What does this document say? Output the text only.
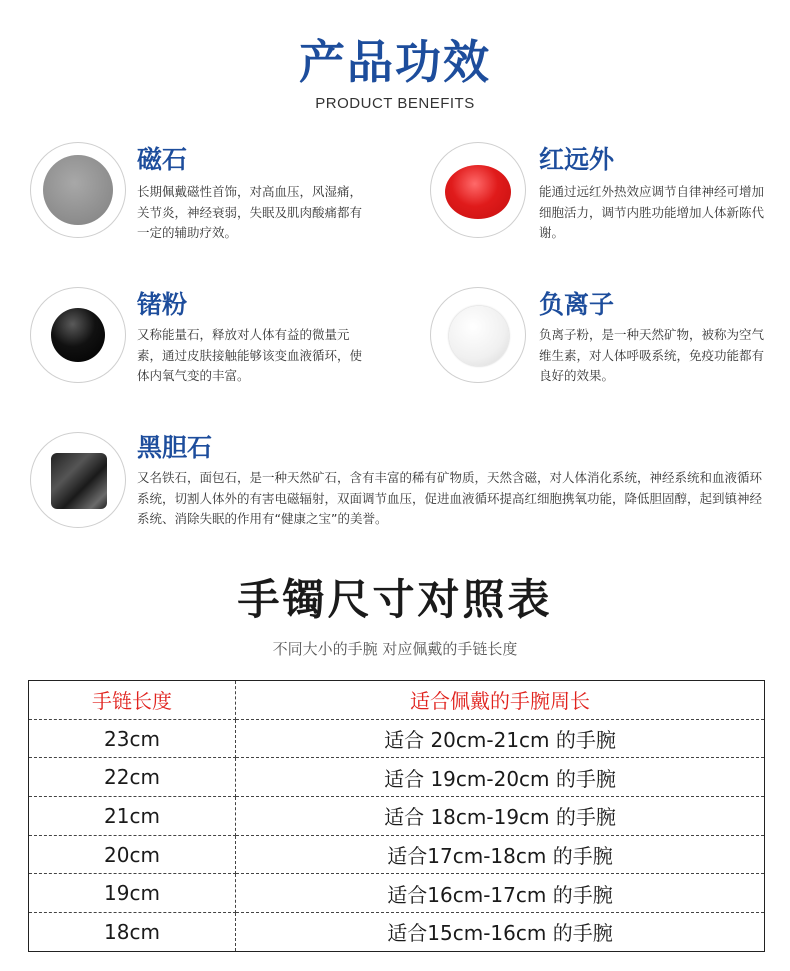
产品功效
PRODUCT BENEFITS
磁石
长期佩戴磁性首饰，对高血压，风湿痛，关节炎，神经衰弱，失眠及肌肉酸痛都有一定的辅助疗效。
红远外
能通过远红外热效应调节自律神经可增加细胞活力，调节内胜功能增加人体新陈代谢。
锗粉
又称能量石，释放对人体有益的微量元素，通过皮肤接触能够该变血液循环，使体内氧气变的丰富。
负离子
负离子粉，是一种天然矿物，被称为空气维生素，对人体呼吸系统，免疫功能都有良好的效果。
黑胆石
又名铁石，面包石，是一种天然矿石，含有丰富的稀有矿物质，天然含磁，对人体消化系统，神经系统和血液循环系统，切割人体外的有害电磁辐射，双面调节血压，促进血液循环提高红细胞携氧功能，降低胆固醇，起到镇神经系统、消除失眠的作用有“健康之宝”的美誉。
手镯尺寸对照表
不同大小的手腕 对应佩戴的手链长度
手链长度	适合佩戴的手腕周长
23cm	适合 20cm-21cm 的手腕
22cm	适合 19cm-20cm 的手腕
21cm	适合 18cm-19cm 的手腕
20cm	适合17cm-18cm 的手腕
19cm	适合16cm-17cm 的手腕
18cm	适合15cm-16cm 的手腕
